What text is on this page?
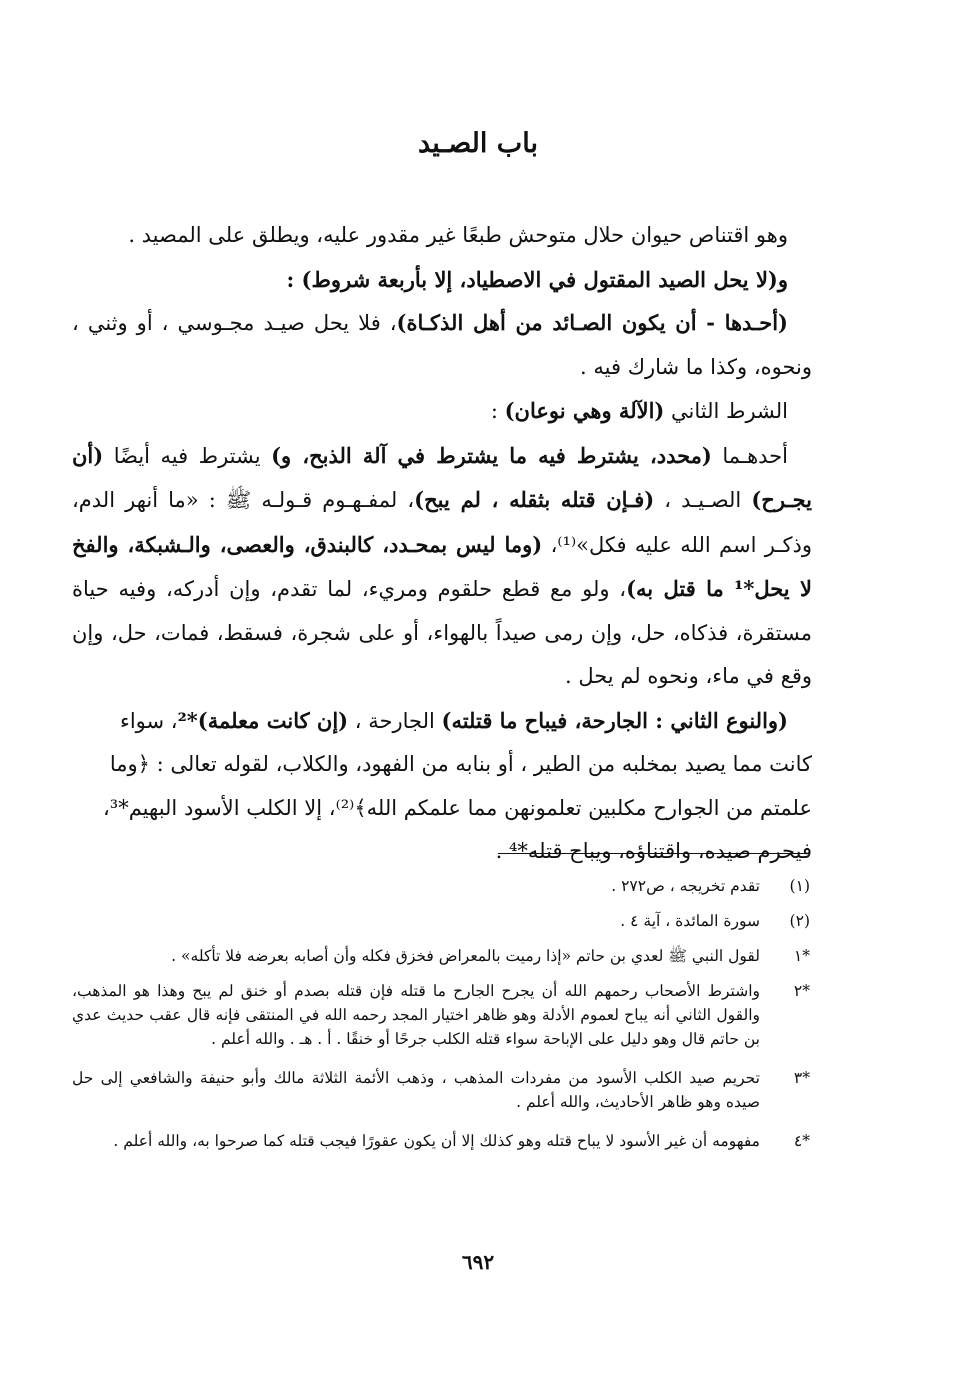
باب الصـيد

وهو اقتناص حيوان حلال متوحش طبعًا غير مقدور عليه، ويطلق على المصيد .

و(لا يحل الصيد المقتول في الاصطياد، إلا بأربعة شروط) :

(أحـدها - أن يكون الصـائد من أهل الذكـاة)، فلا يحل صيـد مجـوسي ، أو وثني ، ونحوه، وكذا ما شارك فيه .

الشرط الثاني (الآلة وهي نوعان) :

أحدهـما (محدد، يشترط فيه ما يشترط في آلة الذبح، و) يشترط فيه أيضًا (أن يجـرح) الصـيـد ، (فـإن قتله بثقله ، لم يبح)، لمفـهـوم قـولـه ﷺ : «ما أنهر الدم، وذكـر اسم الله عليه فكل»⁽¹⁾، (وما ليس بمحـدد، كالبندق، والعصى، والـشبكة، والفخ لا يحل*¹ ما قتل به)، ولو مع قطع حلقوم ومريء، لما تقدم، وإن أدركه، وفيه حياة مستقرة، فذكاه، حل، وإن رمى صيداً بالهواء، أو على شجرة، فسقط، فمات، حل، وإن وقع في ماء، ونحوه لم يحل .

(والنوع الثاني : الجارحة، فيباح ما قتلته) الجارحة ، (إن كانت معلمة)*²، سواء كانت مما يصيد بمخلبه من الطير ، أو بنابه من الفهود، والكلاب، لقوله تعالى : ﴿وما علمتم من الجوارح مكلبين تعلمونهن مما علمكم الله﴾⁽²⁾، إلا الكلب الأسود البهيم*³، فيحرم صيده، واقتناؤه، ويباح قتله*⁴ .

(١)
تقدم تخريجه ، ص٢٧٢ .
(٢)
سورة المائدة ، آية ٤ .
*١
لقول النبي ﷺ لعدي بن حاتم «إذا رميت بالمعراض فخزق فكله وأن أصابه بعرضه فلا تأكله» .
*٢
واشترط الأصحاب رحمهم الله أن يجرح الجارح ما قتله فإن قتله بصدم أو خنق لم يبح وهذا هو المذهب، والقول الثاني أنه يباح لعموم الأدلة وهو ظاهر اختيار المجد رحمه الله في المنتقى فإنه قال عقب حديث عدي بن حاتم قال وهو دليل على الإباحة سواء قتله الكلب جرحًا أو خنقًا . أ . هـ . والله أعلم .
*٣
تحريم صيد الكلب الأسود من مفردات المذهب ، وذهب الأئمة الثلاثة مالك وأبو حنيفة والشافعي إلى حل صيده وهو ظاهر الأحاديث، والله أعلم .
*٤
مفهومه أن غير الأسود لا يباح قتله وهو كذلك إلا أن يكون عقورًا فيجب قتله كما صرحوا به، والله أعلم .
٦٩٢
